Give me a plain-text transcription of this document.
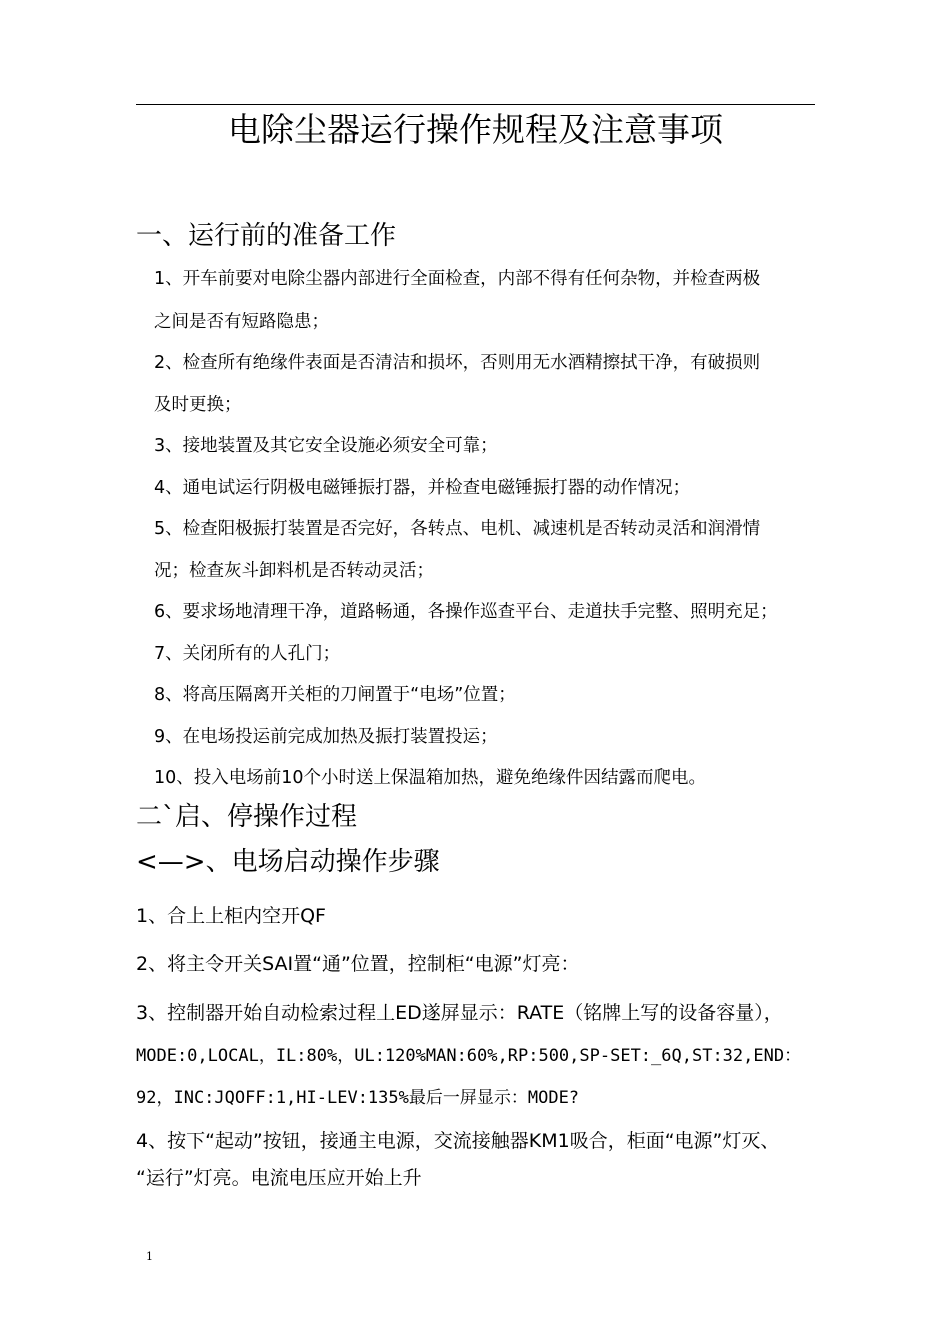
电除尘器运行操作规程及注意事项
一、运行前的准备工作
1、开车前要对电除尘器内部进行全面检查，内部不得有任何杂物，并检查两极
之间是否有短路隐患；
2、检查所有绝缘件表面是否清洁和损坏，否则用无水酒精擦拭干净，有破损则
及时更换；
3、接地装置及其它安全设施必须安全可靠；
4、通电试运行阴极电磁锤振打器，并检查电磁锤振打器的动作情况；
5、检查阳极振打装置是否完好，各转点、电机、减速机是否转动灵活和润滑情
况；检查灰斗卸料机是否转动灵活；
6、要求场地清理干净，道路畅通，各操作巡查平台、走道扶手完整、照明充足；
7、关闭所有的人孔门；
8、将高压隔离开关柜的刀闸置于“电场”位置；
9、在电场投运前完成加热及振打装置投运；
10、投入电场前10个小时送上保温箱加热，避免绝缘件因结露而爬电。
二`启、停操作过程
<—>、电场启动操作步骤
1、合上上柜内空开QF
2、将主令开关SAI置“通”位置，控制柜“电源”灯亮：
3、控制器开始自动检索过程丄ED遂屏显示：RATE（铭牌上写的设备容量），
MODE:0,LOCAL，IL:80%，UL:120%MAN:60%,RP:500,SP-SET:_6Q,ST:32,END：
92，INC:JQOFF:1,HI-LEV:135%最后一屏显示：MODE?
4、按下“起动”按钮，接通主电源，交流接触器KM1吸合，柜面“电源”灯灭、
“运行”灯亮。电流电压应开始上升
1
